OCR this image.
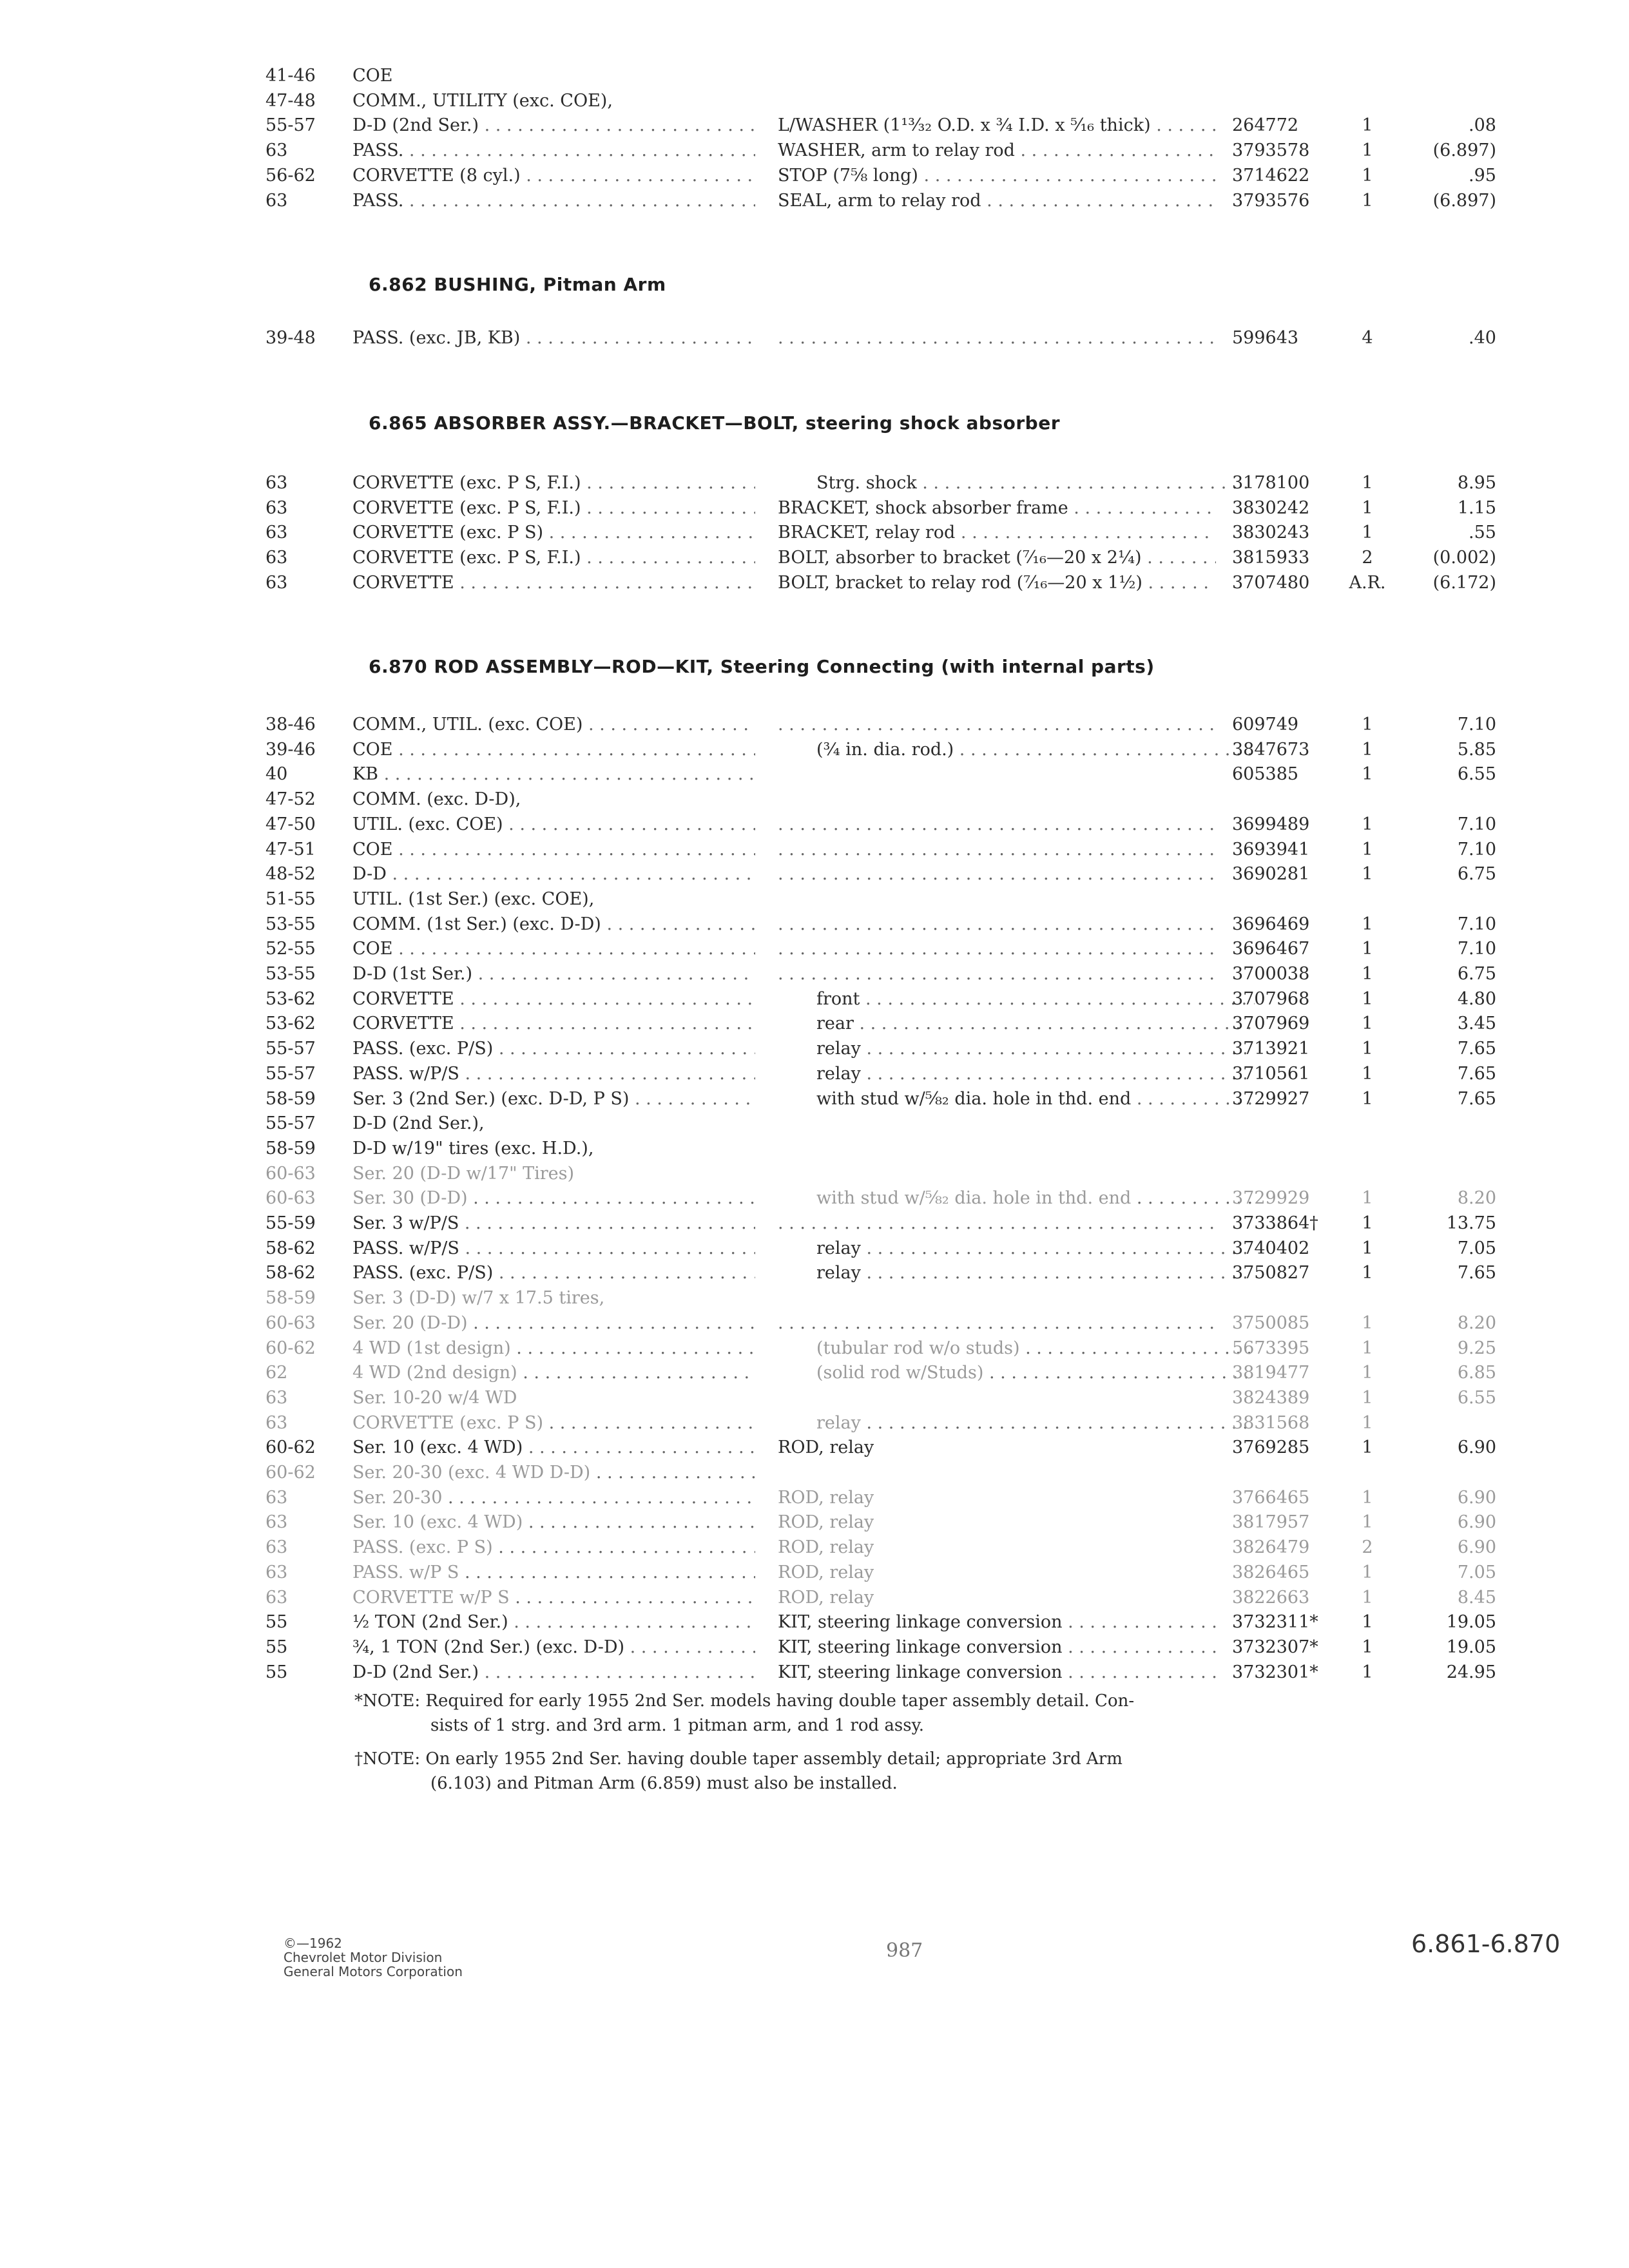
41-46	COE
47-48	COMM., UTILITY (exc. COE),
55-57	D-D (2nd Ser.) . . .	L/WASHER (1¹³⁄₃₂ O.D. x ¾ I.D. x ⁵⁄₁₆ thick) . . .	264772	1	.08
63	PASS. . . .	WASHER, arm to relay rod . . .	3793578	1	(6.897)
56-62	CORVETTE (8 cyl.) . . .	STOP (7⅝ long) . . .	3714622	1	.95
63	PASS. . . .	SEAL, arm to relay rod . . .	3793576	1	(6.897)
6.862 BUSHING, Pitman Arm
39-48	PASS. (exc. JB, KB) . . . . . .	599643	4	.40
6.865 ABSORBER ASSY.—BRACKET—BOLT, steering shock absorber
63	CORVETTE (exc. P S, F.I.) . . .	Strg. shock . . .	3178100	1	8.95
63	CORVETTE (exc. P S, F.I.) . . .	BRACKET, shock absorber frame . . .	3830242	1	1.15
63	CORVETTE (exc. P S) . . .	BRACKET, relay rod . . .	3830243	1	.55
63	CORVETTE (exc. P S, F.I.) . . .	BOLT, absorber to bracket (⁷⁄₁₆—20 x 2¼) . . .	3815933	2	(0.002)
63	CORVETTE . . .	BOLT, bracket to relay rod (⁷⁄₁₆—20 x 1½) . . .	3707480	A.R.	(6.172)
6.870 ROD ASSEMBLY—ROD—KIT, Steering Connecting (with internal parts)
38-46	COMM., UTIL. (exc. COE) . . . . . .	609749	1	7.10
39-46	COE . . .	(¾ in. dia. rod.) . . .	3847673	1	5.85
40	KB . . .	605385	1	6.55
47-52	COMM. (exc. D-D),
47-50	UTIL. (exc. COE) . . . . . .	3699489	1	7.10
47-51	COE . . . . . .	3693941	1	7.10
48-52	D-D . . . . . .	3690281	1	6.75
51-55	UTIL. (1st Ser.) (exc. COE),
53-55	COMM. (1st Ser.) (exc. D-D) . . . . . .	3696469	1	7.10
52-55	COE . . . . . .	3696467	1	7.10
53-55	D-D (1st Ser.) . . . . . .	3700038	1	6.75
53-62	CORVETTE . . .	front . . .	3707968	1	4.80
53-62	CORVETTE . . .	rear . . .	3707969	1	3.45
55-57	PASS. (exc. P/S) . . .	relay . . .	3713921	1	7.65
55-57	PASS. w/P/S . . .	relay . . .	3710561	1	7.65
58-59	Ser. 3 (2nd Ser.) (exc. D-D, P S) . . .	with stud w/⅝₂ dia. hole in thd. end . . .	3729927	1	7.65
55-57	D-D (2nd Ser.),
58-59	D-D w/19" tires (exc. H.D.),
60-63	Ser. 20 (D-D w/17" Tires)
60-63	Ser. 30 (D-D) . . .	with stud w/⅝₂ dia. hole in thd. end . . .	3729929	1	8.20
55-59	Ser. 3 w/P/S . . . . . .	3733864†	1	13.75
58-62	PASS. w/P/S . . .	relay . . .	3740402	1	7.05
58-62	PASS. (exc. P/S) . . .	relay . . .	3750827	1	7.65
58-59	Ser. 3 (D-D) w/7 x 17.5 tires,
60-63	Ser. 20 (D-D) . . . . . .	3750085	1	8.20
60-62	4 WD (1st design) . . .	(tubular rod w/o studs) . . .	5673395	1	9.25
62	4 WD (2nd design) . . .	(solid rod w/Studs) . . .	3819477	1	6.85
63	Ser. 10-20 w/4 WD	3824389	1	6.55
63	CORVETTE (exc. P S) . . .	relay . . .	3831568	1
60-62	Ser. 10 (exc. 4 WD) . . .	ROD, relay	3769285	1	6.90
60-62	Ser. 20-30 (exc. 4 WD D-D) . . .
63	Ser. 20-30 . . .	ROD, relay	3766465	1	6.90
63	Ser. 10 (exc. 4 WD) . . .	ROD, relay	3817957	1	6.90
63	PASS. (exc. P S) . . .	ROD, relay	3826479	2	6.90
63	PASS. w/P S . . .	ROD, relay	3826465	1	7.05
63	CORVETTE w/P S . . .	ROD, relay	3822663	1	8.45
55	½ TON (2nd Ser.) . . .	KIT, steering linkage conversion . . .	3732311*	1	19.05
55	¾, 1 TON (2nd Ser.) (exc. D-D) . . .	KIT, steering linkage conversion . . .	3732307*	1	19.05
55	D-D (2nd Ser.) . . .	KIT, steering linkage conversion . . .	3732301*	1	24.95
*NOTE: Required for early 1955 2nd Ser. models having double taper assembly detail. Con-
sists of 1 strg. and 3rd arm. 1 pitman arm, and 1 rod assy.
†NOTE: On early 1955 2nd Ser. having double taper assembly detail; appropriate 3rd Arm
(6.103) and Pitman Arm (6.859) must also be installed.
©—1962
Chevrolet Motor Division
General Motors Corporation
987	6.861-6.870
